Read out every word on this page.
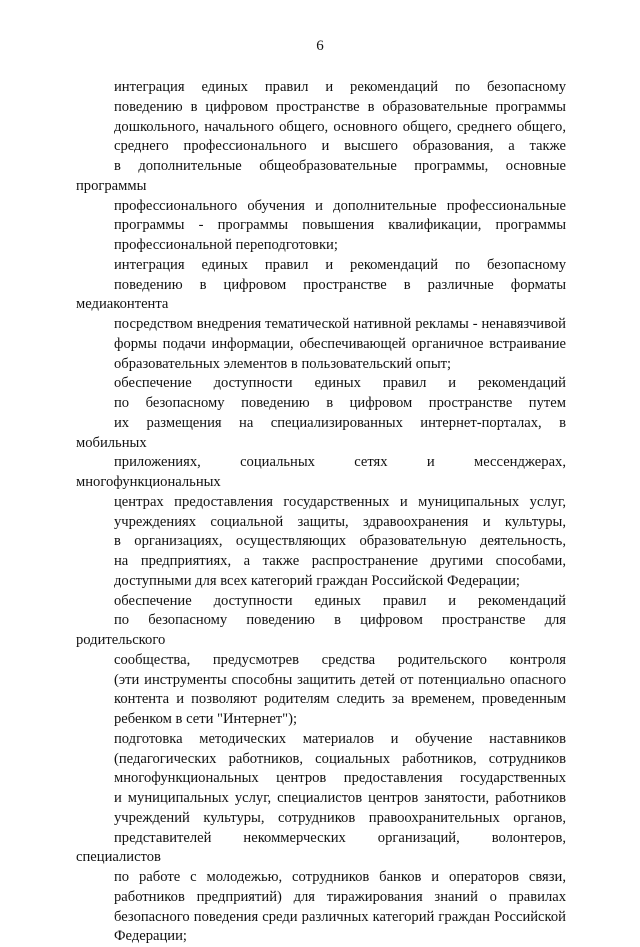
6
интеграция единых правил и рекомендаций по безопасному
поведению в цифровом пространстве в образовательные программы
дошкольного, начального общего, основного общего, среднего общего,
среднего профессионального и высшего образования, а также
в дополнительные общеобразовательные программы, основные программы
профессионального обучения и дополнительные профессиональные
программы - программы повышения квалификации, программы
профессиональной переподготовки;
интеграция единых правил и рекомендаций по безопасному
поведению в цифровом пространстве в различные форматы медиаконтента
посредством внедрения тематической нативной рекламы - ненавязчивой
формы подачи информации, обеспечивающей органичное встраивание
образовательных элементов в пользовательский опыт;
обеспечение доступности единых правил и рекомендаций
по безопасному поведению в цифровом пространстве путем
их размещения на специализированных интернет-порталах, в мобильных
приложениях, социальных сетях и мессенджерах, многофункциональных
центрах предоставления государственных и муниципальных услуг,
учреждениях социальной защиты, здравоохранения и культуры,
в организациях, осуществляющих образовательную деятельность,
на предприятиях, а также распространение другими способами,
доступными для всех категорий граждан Российской Федерации;
обеспечение доступности единых правил и рекомендаций
по безопасному поведению в цифровом пространстве для родительского
сообщества, предусмотрев средства родительского контроля
(эти инструменты способны защитить детей от потенциально опасного
контента и позволяют родителям следить за временем, проведенным
ребенком в сети "Интернет");
подготовка методических материалов и обучение наставников
(педагогических работников, социальных работников, сотрудников
многофункциональных центров предоставления государственных
и муниципальных услуг, специалистов центров занятости, работников
учреждений культуры, сотрудников правоохранительных органов,
представителей некоммерческих организаций, волонтеров, специалистов
по работе с молодежью, сотрудников банков и операторов связи,
работников предприятий) для тиражирования знаний о правилах
безопасного поведения среди различных категорий граждан Российской
Федерации;
